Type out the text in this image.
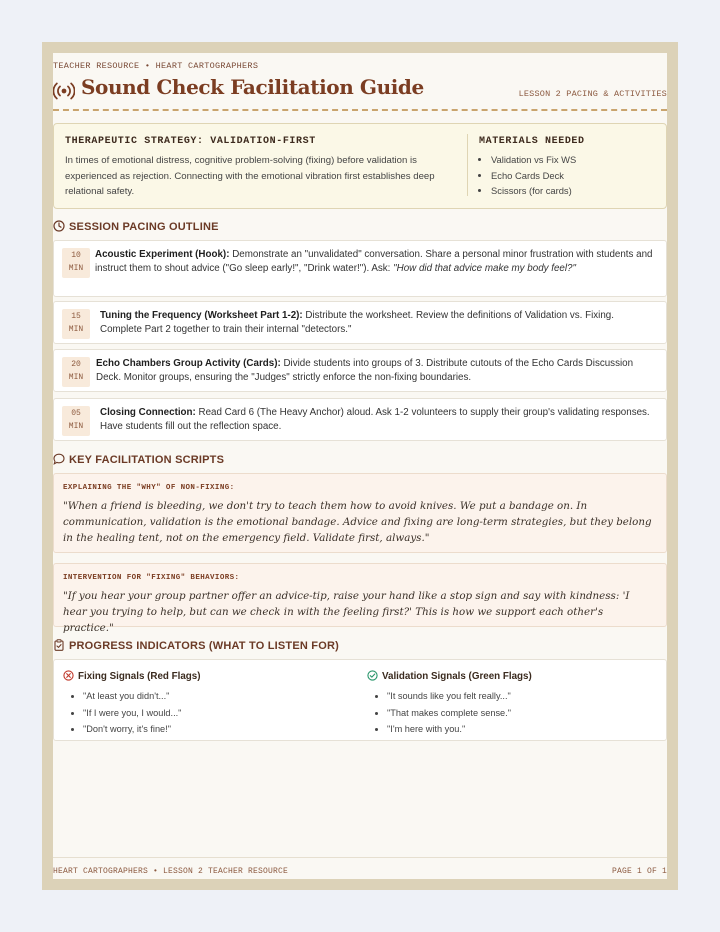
TEACHER RESOURCE • HEART CARTOGRAPHERS
Sound Check Facilitation Guide	LESSON 2 PACING & ACTIVITIES
THERAPEUTIC STRATEGY: VALIDATION-FIRST
In times of emotional distress, cognitive problem-solving (fixing) before validation is experienced as rejection. Connecting with the emotional vibration first establishes deep relational safety.
MATERIALS NEEDED
• Validation vs Fix WS
• Echo Cards Deck
• Scissors (for cards)
SESSION PACING OUTLINE
10
MIN
Acoustic Experiment (Hook): Demonstrate an "unvalidated" conversation. Share a personal minor frustration with students and instruct them to shout advice ("Go sleep early!", "Drink water!"). Ask: "How did that advice make my body feel?"
15
MIN
Tuning the Frequency (Worksheet Part 1-2): Distribute the worksheet. Review the definitions of Validation vs. Fixing. Complete Part 2 together to train their internal "detectors."
20
MIN
Echo Chambers Group Activity (Cards): Divide students into groups of 3. Distribute cutouts of the Echo Cards Discussion Deck. Monitor groups, ensuring the "Judges" strictly enforce the non-fixing boundaries.
05
MIN
Closing Connection: Read Card 6 (The Heavy Anchor) aloud. Ask 1-2 volunteers to supply their group's validating responses. Have students fill out the reflection space.
KEY FACILITATION SCRIPTS
EXPLAINING THE "WHY" OF NON-FIXING:
"When a friend is bleeding, we don't try to teach them how to avoid knives. We put a bandage on. In communication, validation is the emotional bandage. Advice and fixing are long-term strategies, but they belong in the healing tent, not on the emergency field. Validate first, always."
INTERVENTION FOR "FIXING" BEHAVIORS:
"If you hear your group partner offer an advice-tip, raise your hand like a stop sign and say with kindness: 'I hear you trying to help, but can we check in with the feeling first?' This is how we support each other's practice."
PROGRESS INDICATORS (WHAT TO LISTEN FOR)
Fixing Signals (Red Flags)
• "At least you didn't..."
• "If I were you, I would..."
• "Don't worry, it's fine!"
Validation Signals (Green Flags)
• "It sounds like you felt really..."
• "That makes complete sense."
• "I'm here with you."
HEART CARTOGRAPHERS • LESSON 2 TEACHER RESOURCE	PAGE 1 OF 1
